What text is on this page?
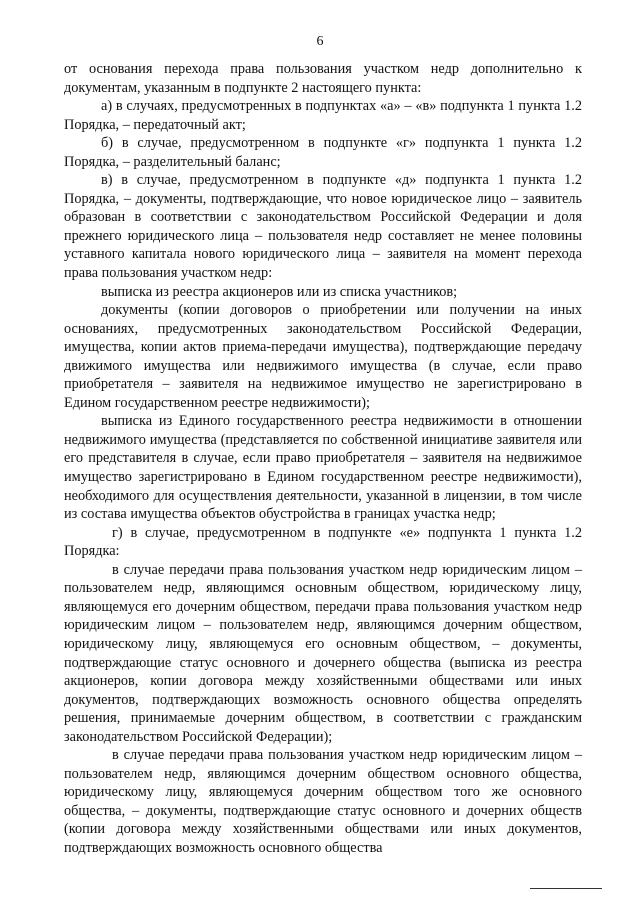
6

от основания перехода права пользования участком недр дополнительно к документам, указанным в подпункте 2 настоящего пункта:

а) в случаях, предусмотренных в подпунктах «а» – «в» подпункта 1 пункта 1.2 Порядка, – передаточный акт;

б) в случае, предусмотренном в подпункте «г» подпункта 1 пункта 1.2 Порядка, – разделительный баланс;

в) в случае, предусмотренном в подпункте «д» подпункта 1 пункта 1.2 Порядка, – документы, подтверждающие, что новое юридическое лицо – заявитель образован в соответствии с законодательством Российской Федерации и доля прежнего юридического лица – пользователя недр составляет не менее половины уставного капитала нового юридического лица – заявителя на момент перехода права пользования участком недр:

выписка из реестра акционеров или из списка участников;

документы (копии договоров о приобретении или получении на иных основаниях, предусмотренных законодательством Российской Федерации, имущества, копии актов приема-передачи имущества), подтверждающие передачу движимого имущества или недвижимого имущества (в случае, если право приобретателя – заявителя на недвижимое имущество не зарегистрировано в Едином государственном реестре недвижимости);

выписка из Единого государственного реестра недвижимости в отношении недвижимого имущества (представляется по собственной инициативе заявителя или его представителя в случае, если право приобретателя – заявителя на недвижимое имущество зарегистрировано в Едином государственном реестре недвижимости), необходимого для осуществления деятельности, указанной в лицензии, в том числе из состава имущества объектов обустройства в границах участка недр;

г) в случае, предусмотренном в подпункте «е» подпункта 1 пункта 1.2 Порядка:

в случае передачи права пользования участком недр юридическим лицом – пользователем недр, являющимся основным обществом, юридическому лицу, являющемуся его дочерним обществом, передачи права пользования участком недр юридическим лицом – пользователем недр, являющимся дочерним обществом, юридическому лицу, являющемуся его основным обществом, – документы, подтверждающие статус основного и дочернего общества (выписка из реестра акционеров, копии договора между хозяйственными обществами или иных документов, подтверждающих возможность основного общества определять решения, принимаемые дочерним обществом, в соответствии с гражданским законодательством Российской Федерации);

в случае передачи права пользования участком недр юридическим лицом – пользователем недр, являющимся дочерним обществом основного общества, юридическому лицу, являющемуся дочерним обществом того же основного общества, – документы, подтверждающие статус основного и дочерних обществ (копии договора между хозяйственными обществами или иных документов, подтверждающих возможность основного общества
